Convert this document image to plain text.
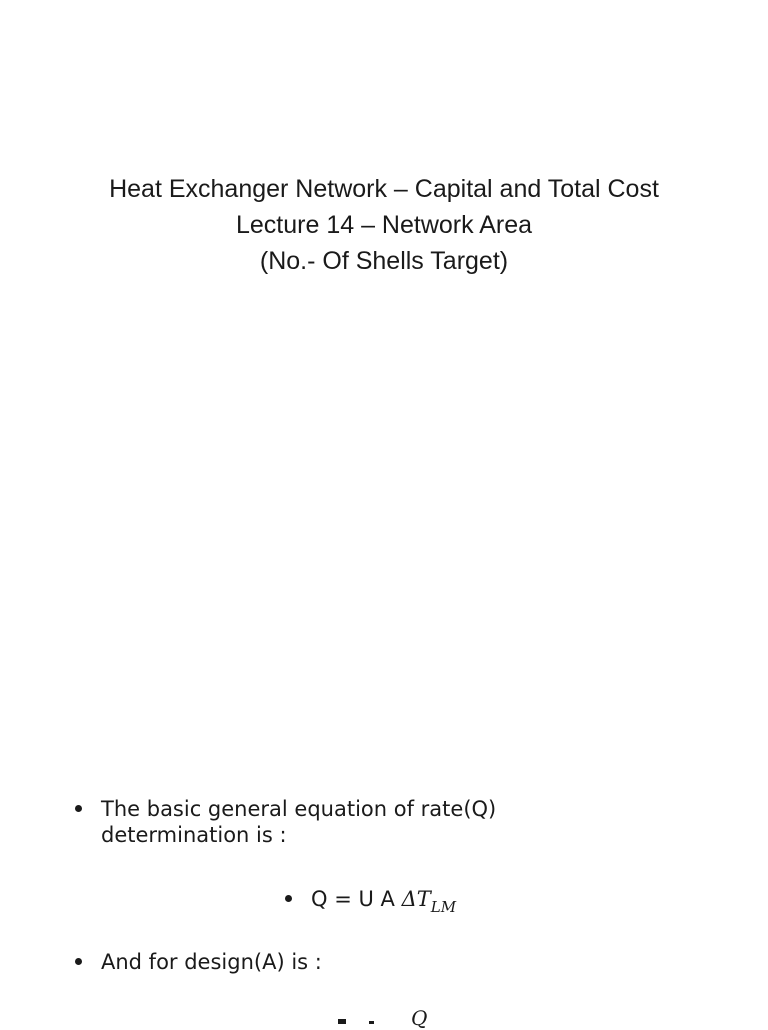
Heat Exchanger Network – Capital and Total Cost
Lecture 14 – Network Area
(No.- Of Shells Target)
The basic general equation of rate(Q)
determination is :
Q = U A $\Delta T_{LM}$
And for design(A) is :
Q
